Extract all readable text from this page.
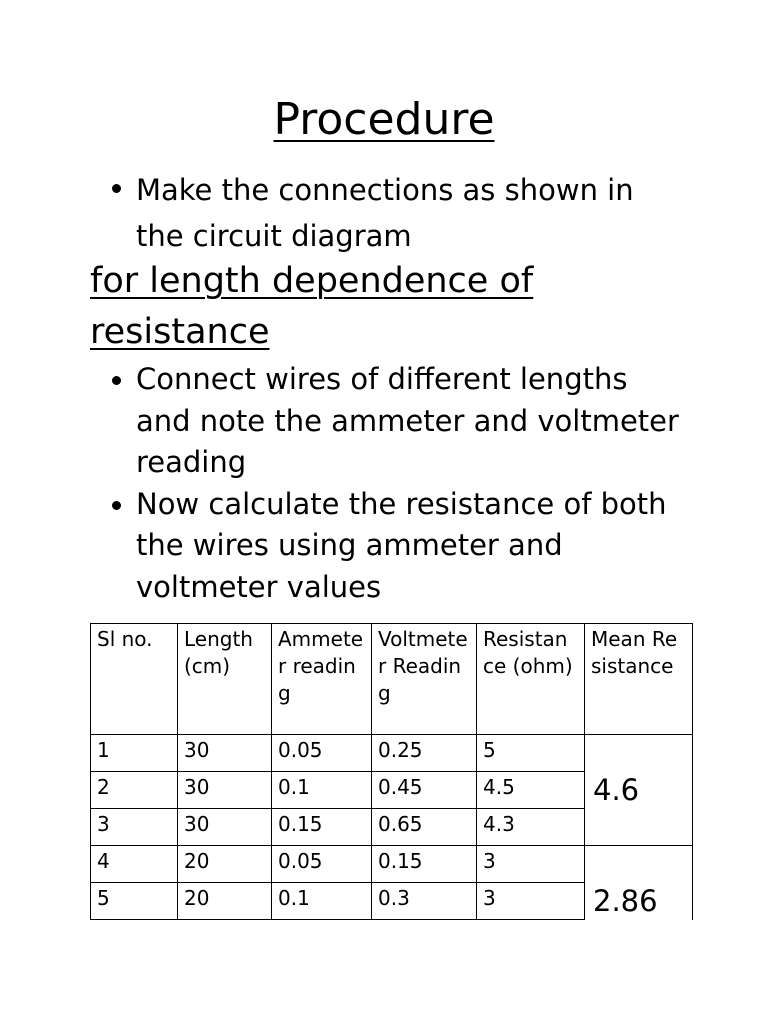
Procedure
Make the connections as shown in the circuit diagram
for length dependence of resistance
Connect wires of different lengths and note the ammeter and voltmeter reading
Now calculate the resistance of both the wires using ammeter and voltmeter values
Sl no.	Length (cm)	Ammeter reading	Voltmeter Reading	Resistance (ohm)	Mean Resistance
1	30	0.05	0.25	5	4.6
2	30	0.1	0.45	4.5	
3	30	0.15	0.65	4.3	
4	20	0.05	0.15	3	2.86
5	20	0.1	0.3	3	
